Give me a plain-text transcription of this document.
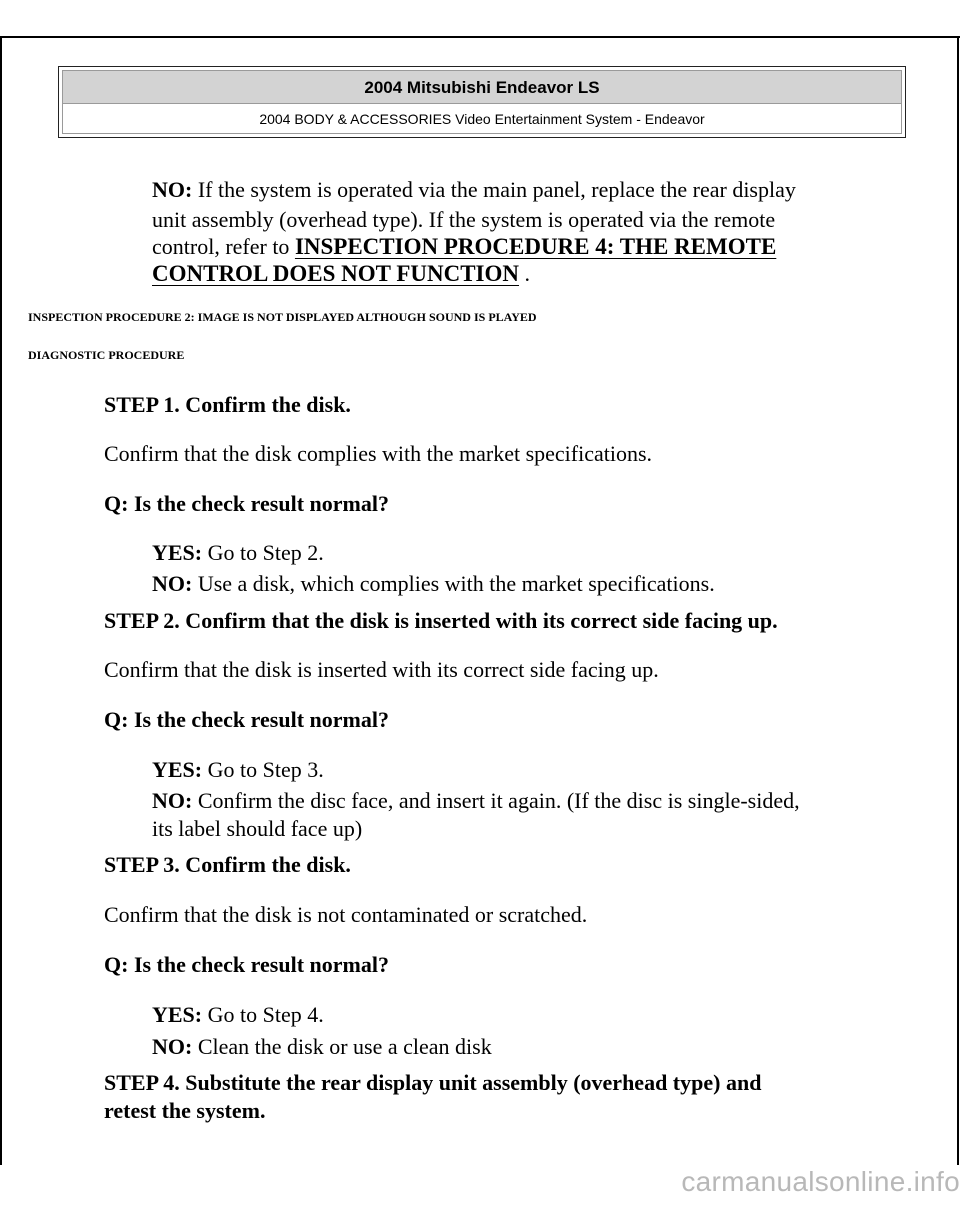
2004 Mitsubishi Endeavor LS
2004 BODY & ACCESSORIES Video Entertainment System - Endeavor
NO: If the system is operated via the main panel, replace the rear display
unit assembly (overhead type). If the system is operated via the remote
control, refer to INSPECTION PROCEDURE 4: THE REMOTE
CONTROL DOES NOT FUNCTION .
INSPECTION PROCEDURE 2: IMAGE IS NOT DISPLAYED ALTHOUGH SOUND IS PLAYED
DIAGNOSTIC PROCEDURE
STEP 1. Confirm the disk.
Confirm that the disk complies with the market specifications.
Q: Is the check result normal?
YES: Go to Step 2.
NO: Use a disk, which complies with the market specifications.
STEP 2. Confirm that the disk is inserted with its correct side facing up.
Confirm that the disk is inserted with its correct side facing up.
Q: Is the check result normal?
YES: Go to Step 3.
NO: Confirm the disc face, and insert it again. (If the disc is single-sided,
its label should face up)
STEP 3. Confirm the disk.
Confirm that the disk is not contaminated or scratched.
Q: Is the check result normal?
YES: Go to Step 4.
NO: Clean the disk or use a clean disk
STEP 4. Substitute the rear display unit assembly (overhead type) and
retest the system.
carmanualsonline.info
